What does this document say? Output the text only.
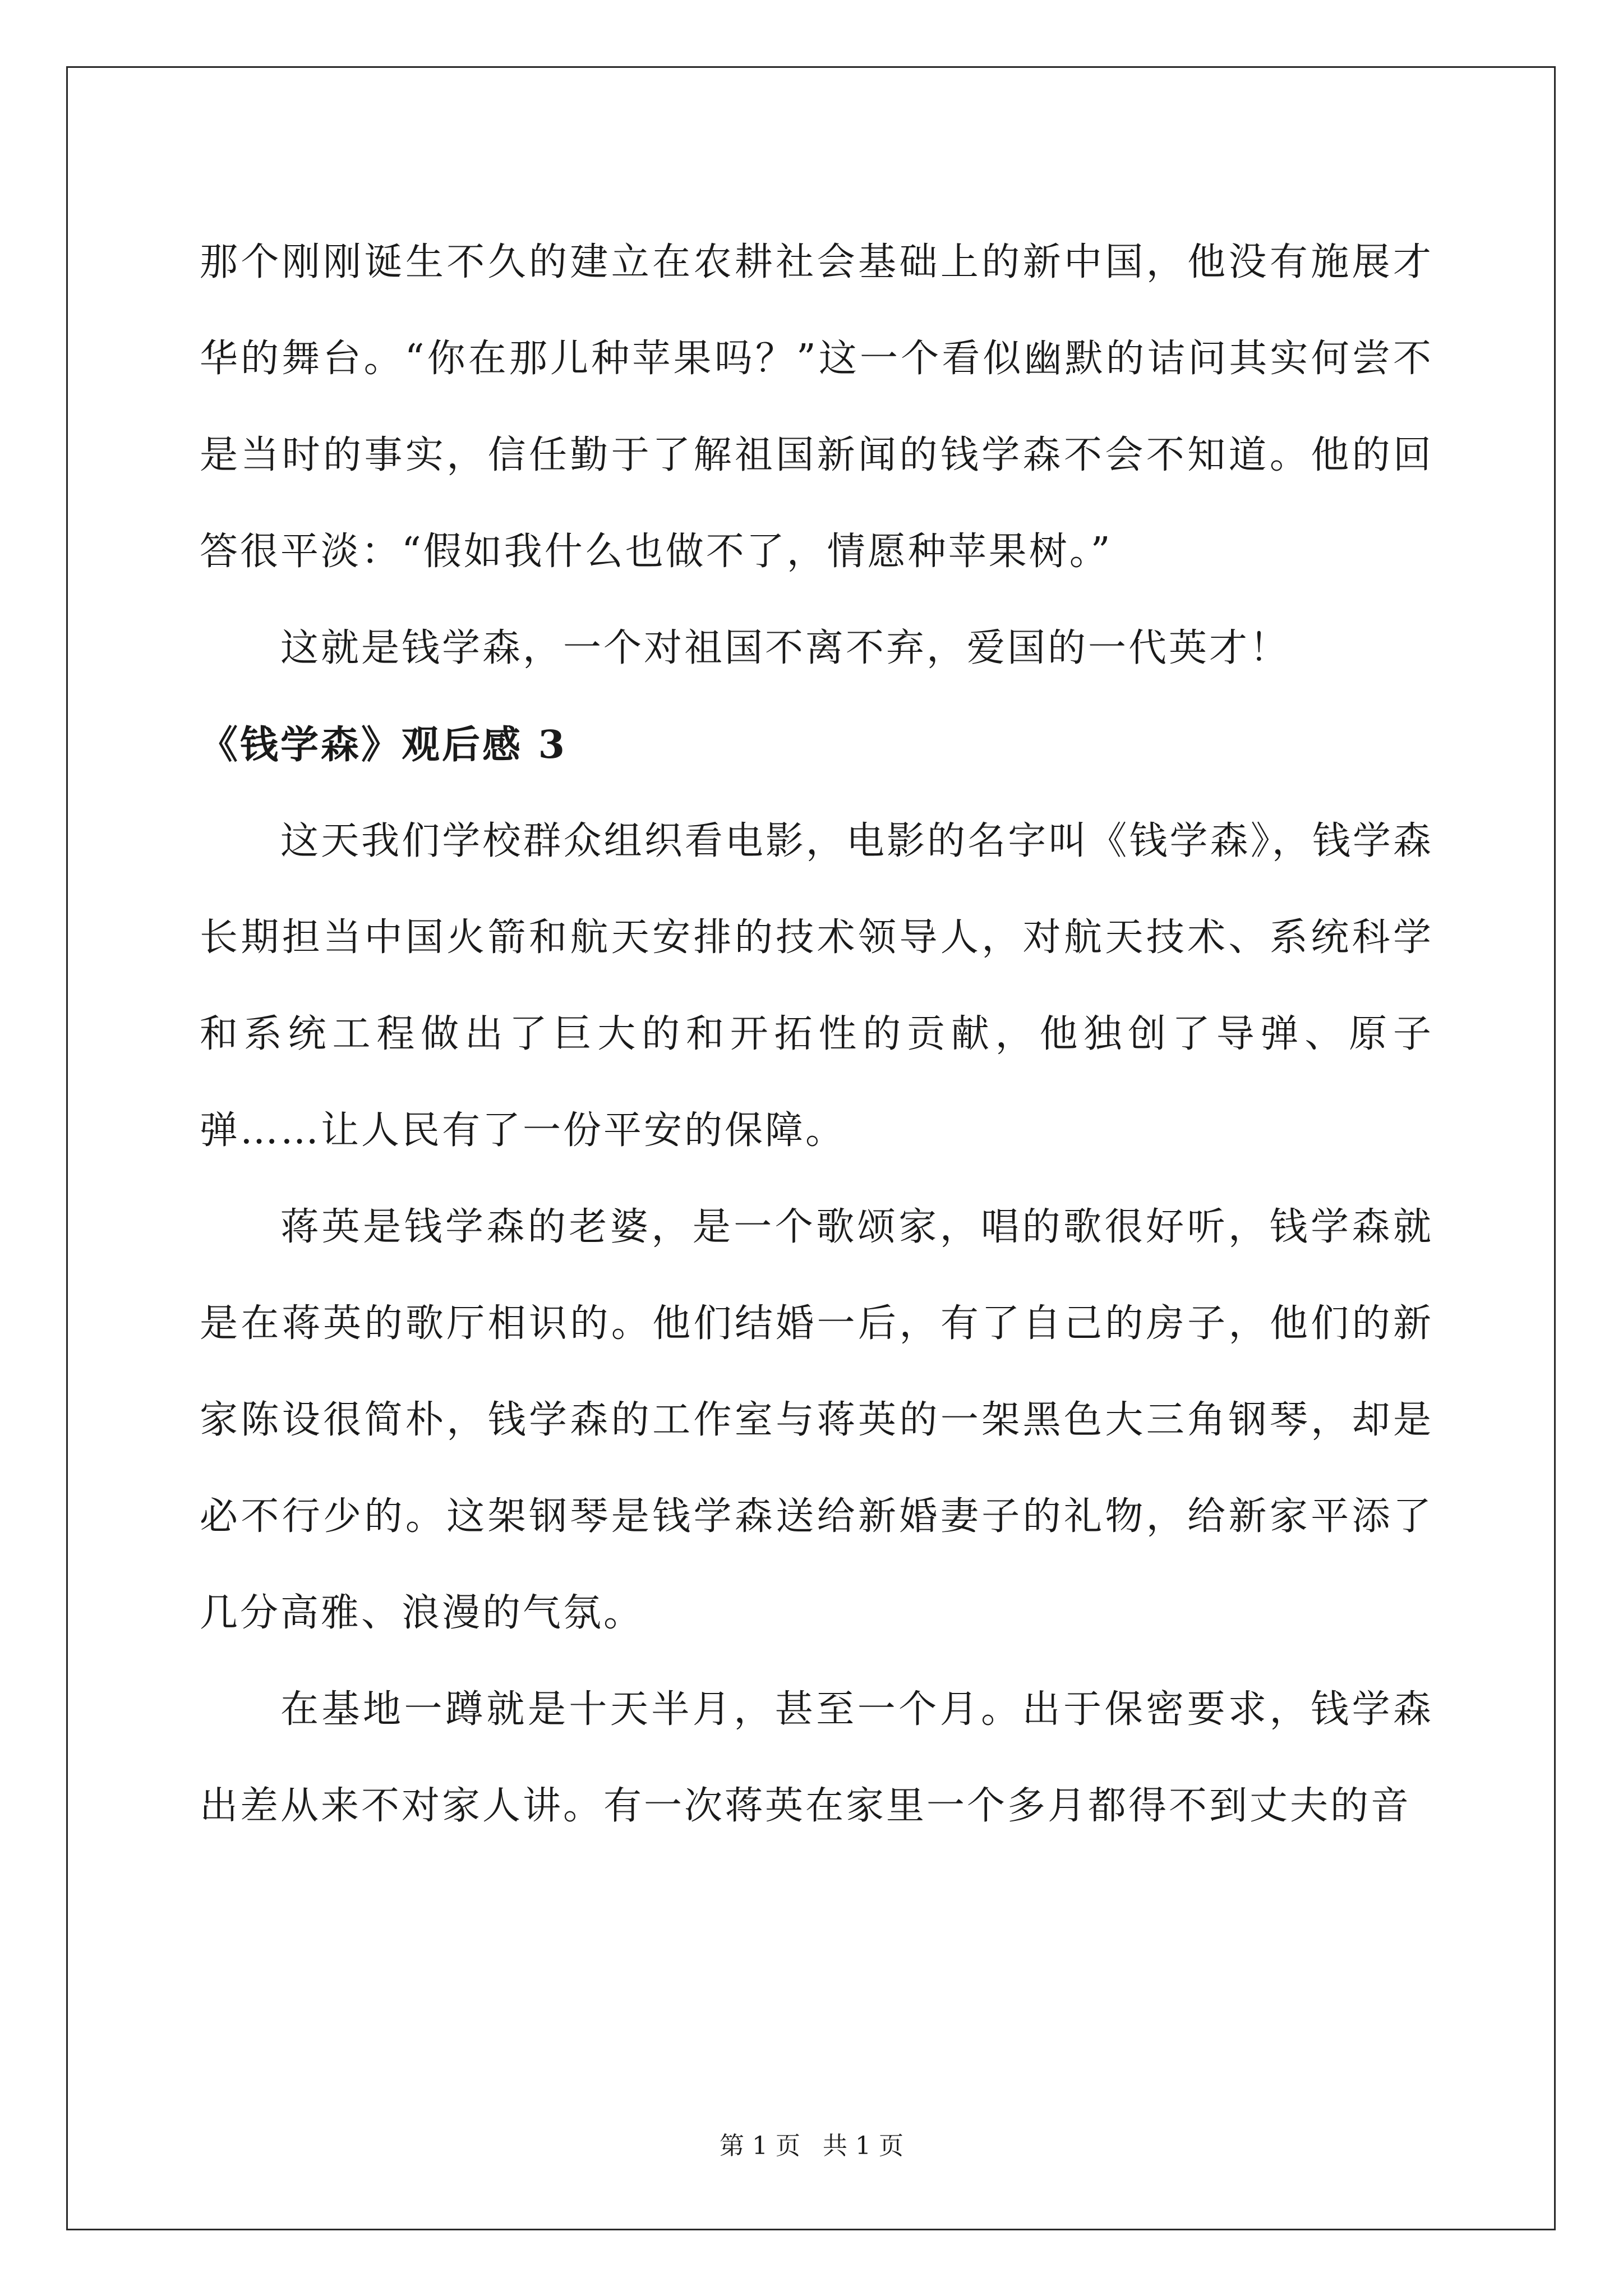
那个刚刚诞生不久的建立在农耕社会基础上的新中国，他没有施展才华的舞台。“你在那儿种苹果吗？”这一个看似幽默的诘问其实何尝不是当时的事实，信任勤于了解祖国新闻的钱学森不会不知道。他的回答很平淡：“假如我什么也做不了，情愿种苹果树。”

这就是钱学森，一个对祖国不离不弃，爱国的一代英才！

《钱学森》观后感 3

这天我们学校群众组织看电影，电影的名字叫《钱学森》，钱学森长期担当中国火箭和航天安排的技术领导人，对航天技术、系统科学和系统工程做出了巨大的和开拓性的贡献，他独创了导弹、原子弹……让人民有了一份平安的保障。

蒋英是钱学森的老婆，是一个歌颂家，唱的歌很好听，钱学森就是在蒋英的歌厅相识的。他们结婚一后，有了自己的房子，他们的新家陈设很简朴，钱学森的工作室与蒋英的一架黑色大三角钢琴，却是必不行少的。这架钢琴是钱学森送给新婚妻子的礼物，给新家平添了几分高雅、浪漫的气氛。

在基地一蹲就是十天半月，甚至一个月。出于保密要求，钱学森出差从来不对家人讲。有一次蒋英在家里一个多月都得不到丈夫的音

第 1 页 共 1 页
